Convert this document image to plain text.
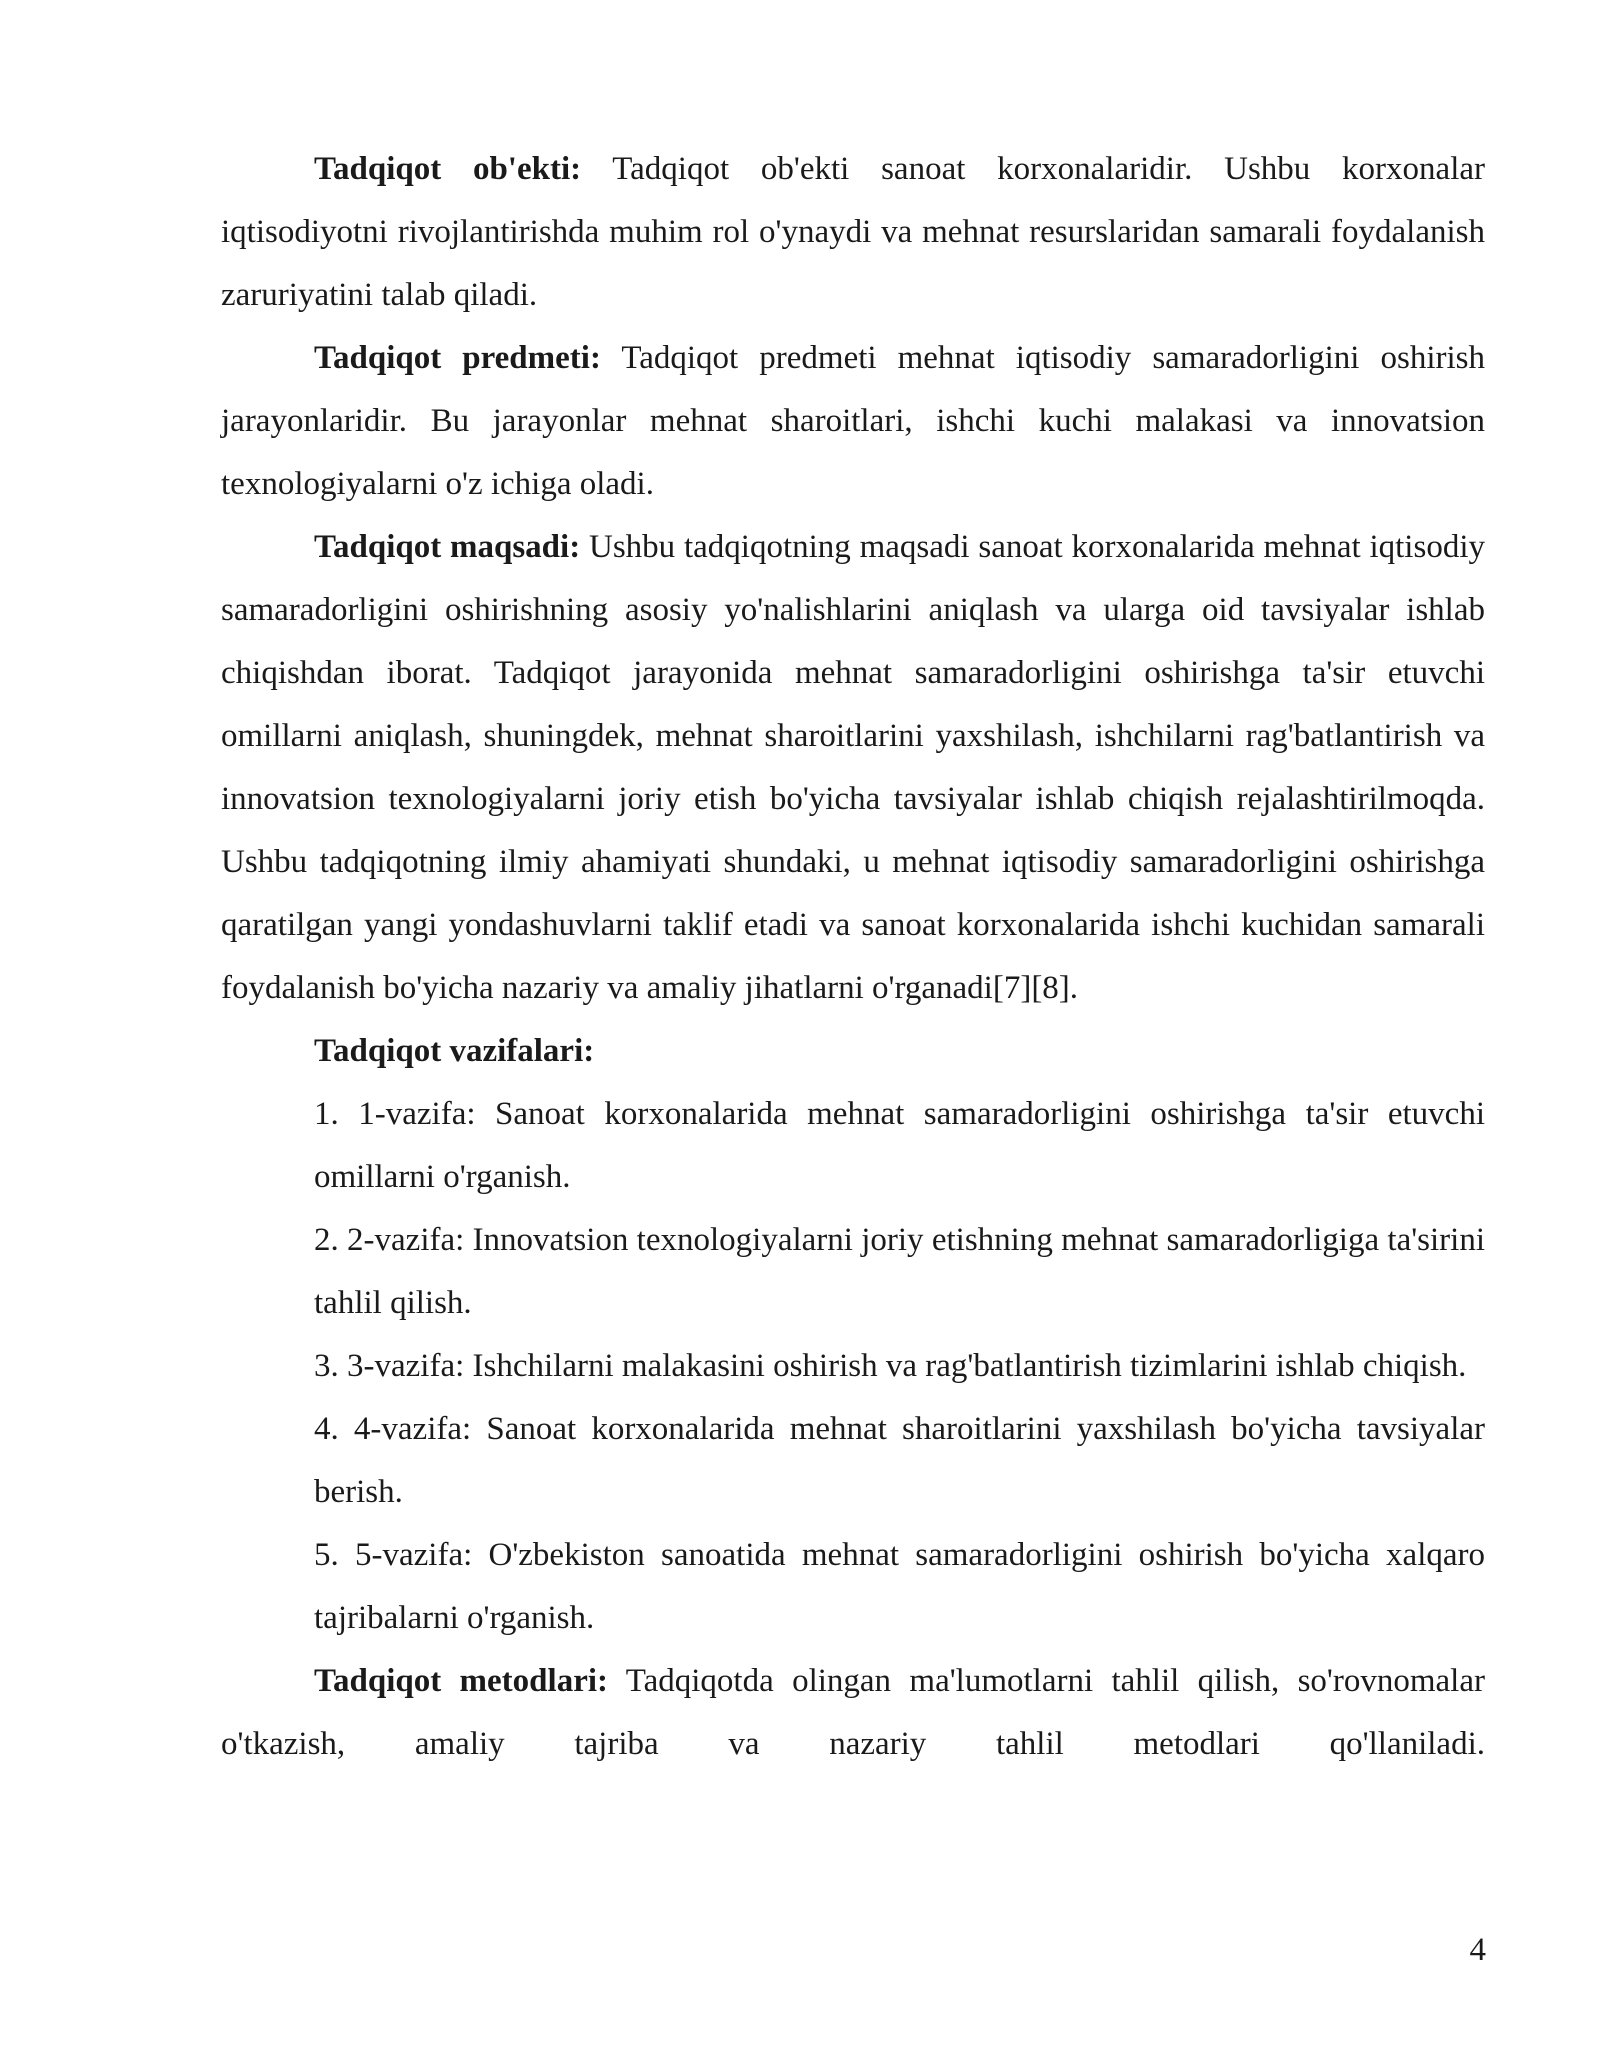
Tadqiqot ob'ekti: Tadqiqot ob'ekti sanoat korxonalaridir. Ushbu korxonalar iqtisodiyotni rivojlantirishda muhim rol o'ynaydi va mehnat resurslaridan samarali foydalanish zaruriyatini talab qiladi.

Tadqiqot predmeti: Tadqiqot predmeti mehnat iqtisodiy samaradorligini oshirish jarayonlaridir. Bu jarayonlar mehnat sharoitlari, ishchi kuchi malakasi va innovatsion texnologiyalarni o'z ichiga oladi.

Tadqiqot maqsadi: Ushbu tadqiqotning maqsadi sanoat korxonalarida mehnat iqtisodiy samaradorligini oshirishning asosiy yo'nalishlarini aniqlash va ularga oid tavsiyalar ishlab chiqishdan iborat. Tadqiqot jarayonida mehnat samaradorligini oshirishga ta'sir etuvchi omillarni aniqlash, shuningdek, mehnat sharoitlarini yaxshilash, ishchilarni rag'batlantirish va innovatsion texnologiyalarni joriy etish bo'yicha tavsiyalar ishlab chiqish rejalashtirilmoqda. Ushbu tadqiqotning ilmiy ahamiyati shundaki, u mehnat iqtisodiy samaradorligini oshirishga qaratilgan yangi yondashuvlarni taklif etadi va sanoat korxonalarida ishchi kuchidan samarali foydalanish bo'yicha nazariy va amaliy jihatlarni o'rganadi[7][8].

Tadqiqot vazifalari:

1. 1-vazifa: Sanoat korxonalarida mehnat samaradorligini oshirishga ta'sir etuvchi omillarni o'rganish.

2. 2-vazifa: Innovatsion texnologiyalarni joriy etishning mehnat samaradorligiga ta'sirini tahlil qilish.

3. 3-vazifa: Ishchilarni malakasini oshirish va rag'batlantirish tizimlarini ishlab chiqish.

4. 4-vazifa: Sanoat korxonalarida mehnat sharoitlarini yaxshilash bo'yicha tavsiyalar berish.

5. 5-vazifa: O'zbekiston sanoatida mehnat samaradorligini oshirish bo'yicha xalqaro tajribalarni o'rganish.

Tadqiqot metodlari: Tadqiqotda olingan ma'lumotlarni tahlil qilish, so'rovnomalar o'tkazish, amaliy tajriba va nazariy tahlil metodlari qo'llaniladi.

4
